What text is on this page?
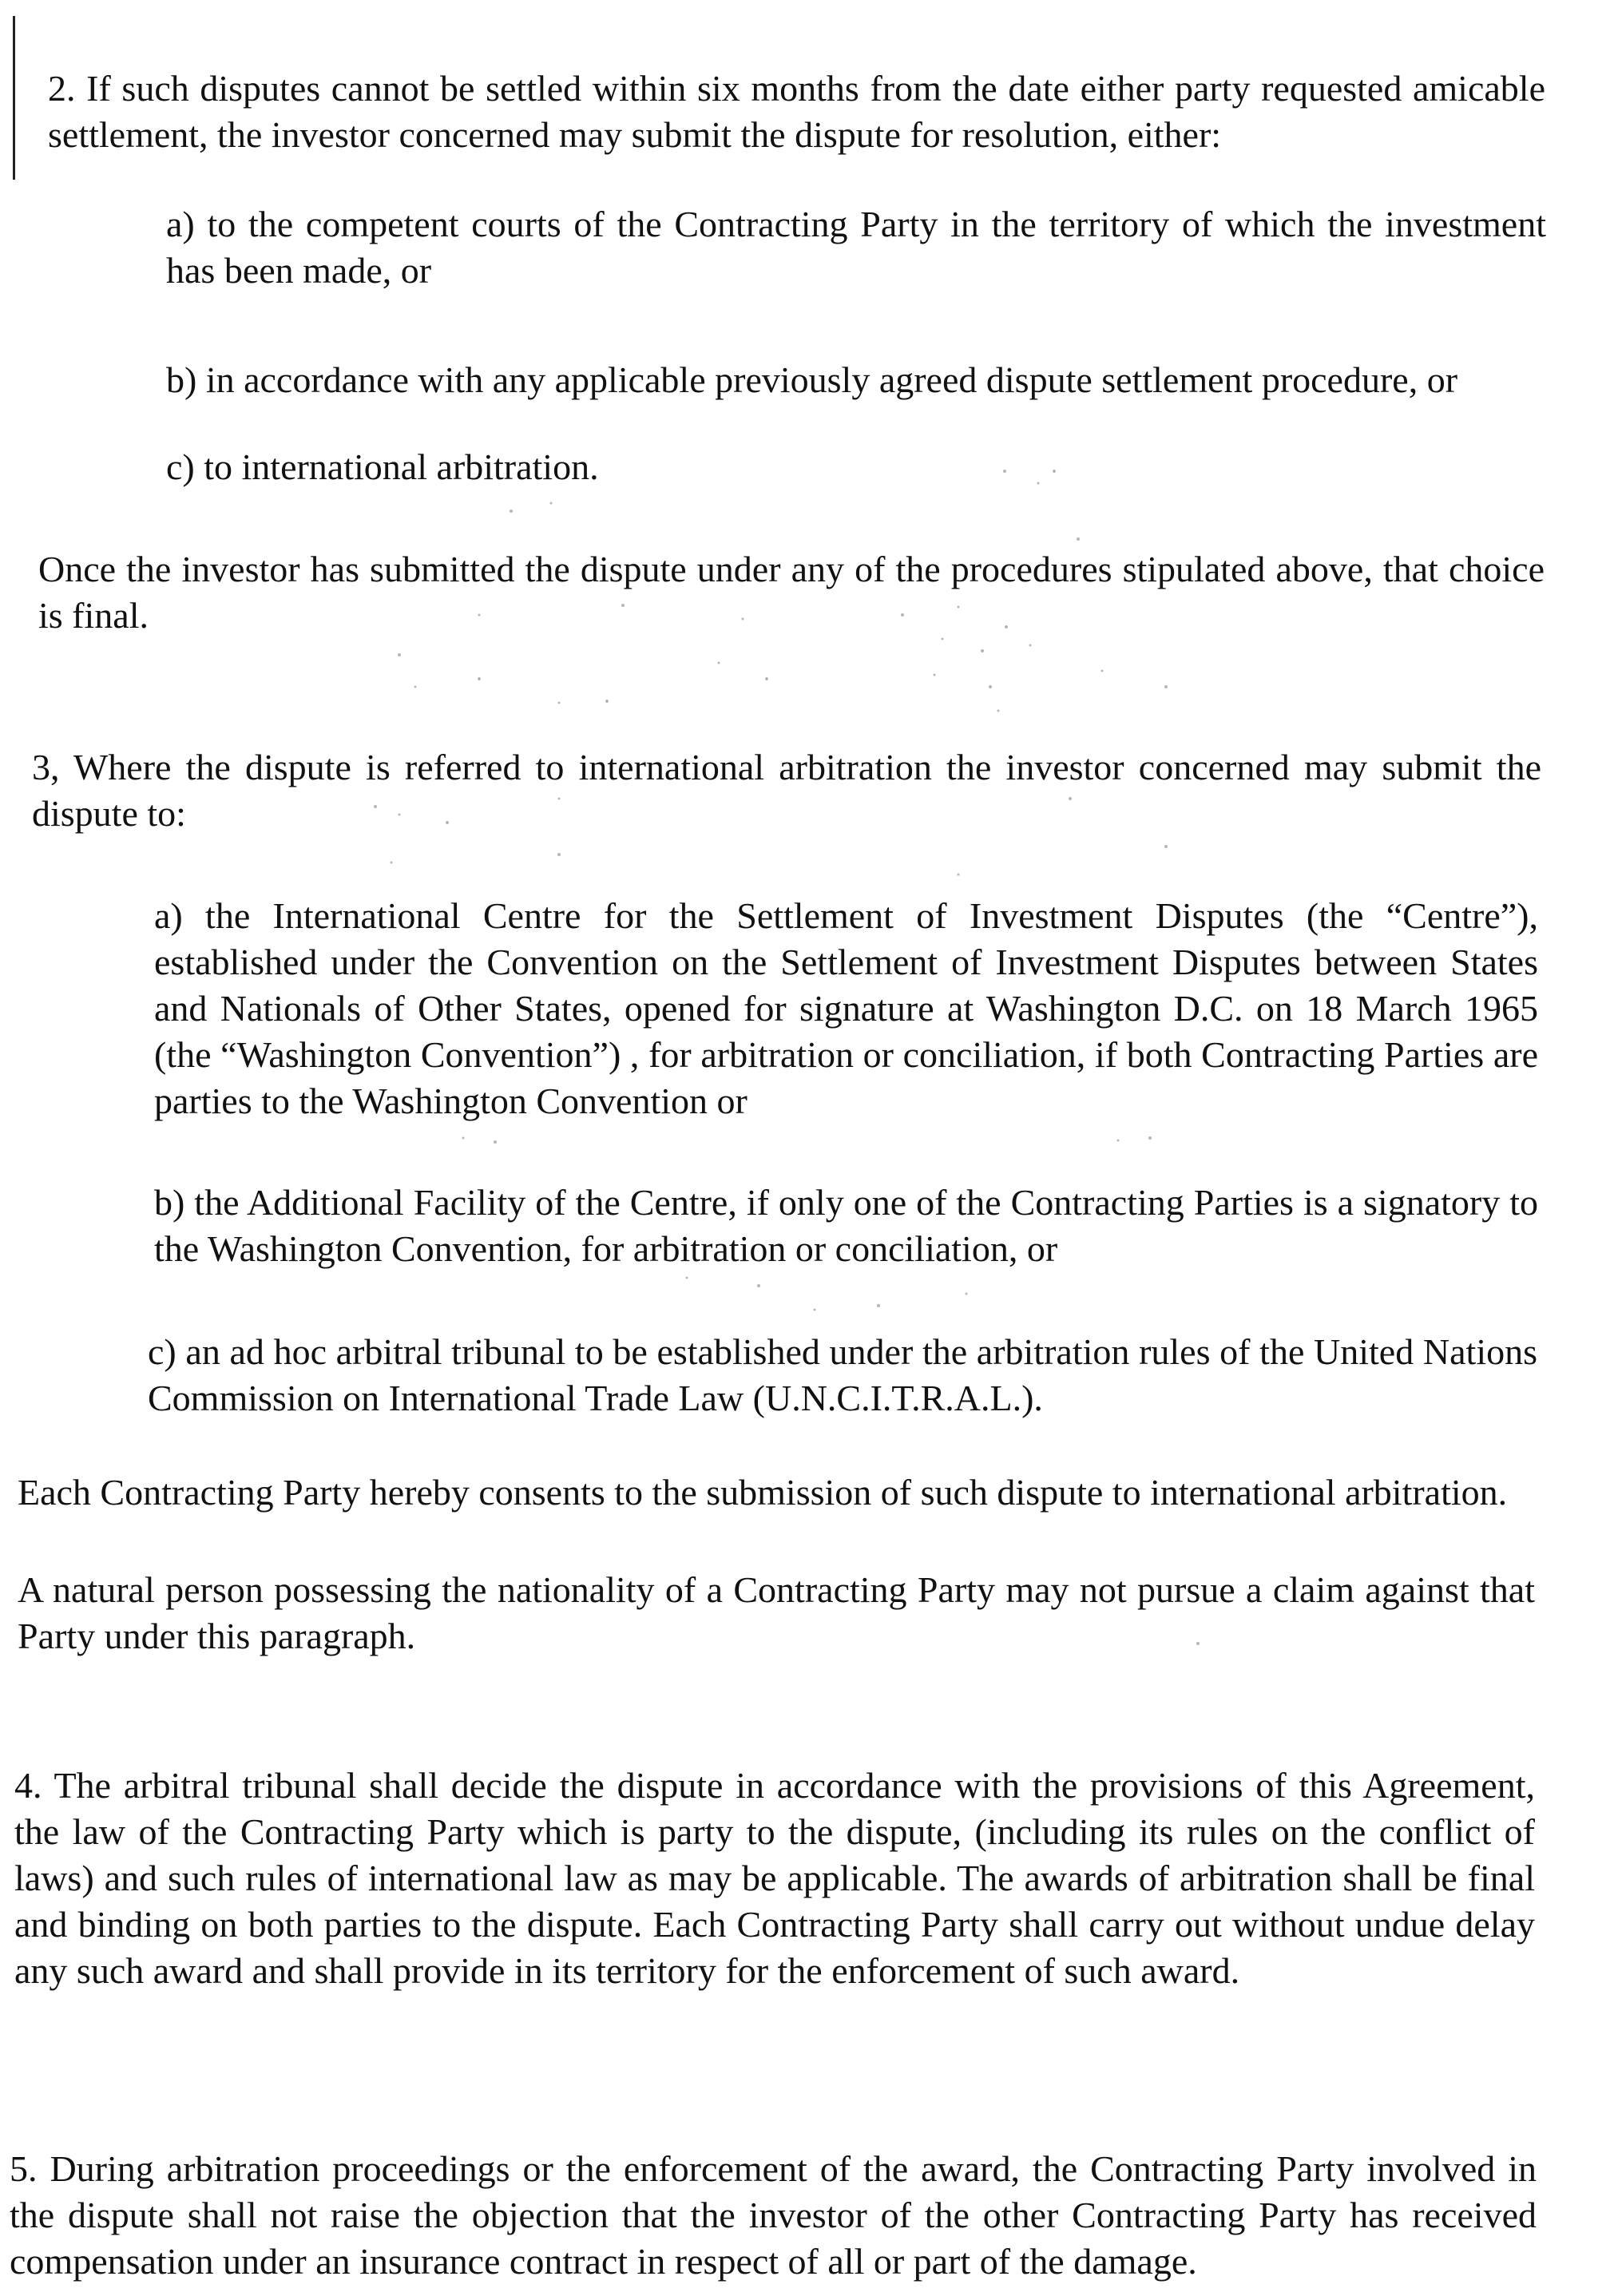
2. If such disputes cannot be settled within six months from the date either party requested amicable settlement, the investor concerned may submit the dispute for resolution, either:

a) to the competent courts of the Contracting Party in the territory of which the investment has been made, or

b) in accordance with any applicable previously agreed dispute settlement procedure, or

c) to international arbitration.

Once the investor has submitted the dispute under any of the procedures stipulated above, that choice is final.

3, Where the dispute is referred to international arbitration the investor concerned may submit the dispute to:

a) the International Centre for the Settlement of Investment Disputes (the “Centre”), established under the Convention on the Settlement of Investment Disputes between States and Nationals of Other States, opened for signature at Washington D.C. on 18 March 1965 (the “Washington Convention”) , for arbitration or conciliation, if both Contracting Parties are parties to the Washington Convention or

b) the Additional Facility of the Centre, if only one of the Contracting Parties is a signatory to the Washington Convention, for arbitration or conciliation, or

c) an ad hoc arbitral tribunal to be established under the arbitration rules of the United Nations Commission on International Trade Law (U.N.C.I.T.R.A.L.).

Each Contracting Party hereby consents to the submission of such dispute to international arbitration.

A natural person possessing the nationality of a Contracting Party may not pursue a claim against that Party under this paragraph.

4. The arbitral tribunal shall decide the dispute in accordance with the provisions of this Agreement, the law of the Contracting Party which is party to the dispute, (including its rules on the conflict of laws) and such rules of international law as may be applicable. The awards of arbitration shall be final and binding on both parties to the dispute. Each Contracting Party shall carry out without undue delay any such award and shall provide in its territory for the enforcement of such award.

5. During arbitration proceedings or the enforcement of the award, the Contracting Party involved in the dispute shall not raise the objection that the investor of the other Contracting Party has received compensation under an insurance contract in respect of all or part of the damage.
